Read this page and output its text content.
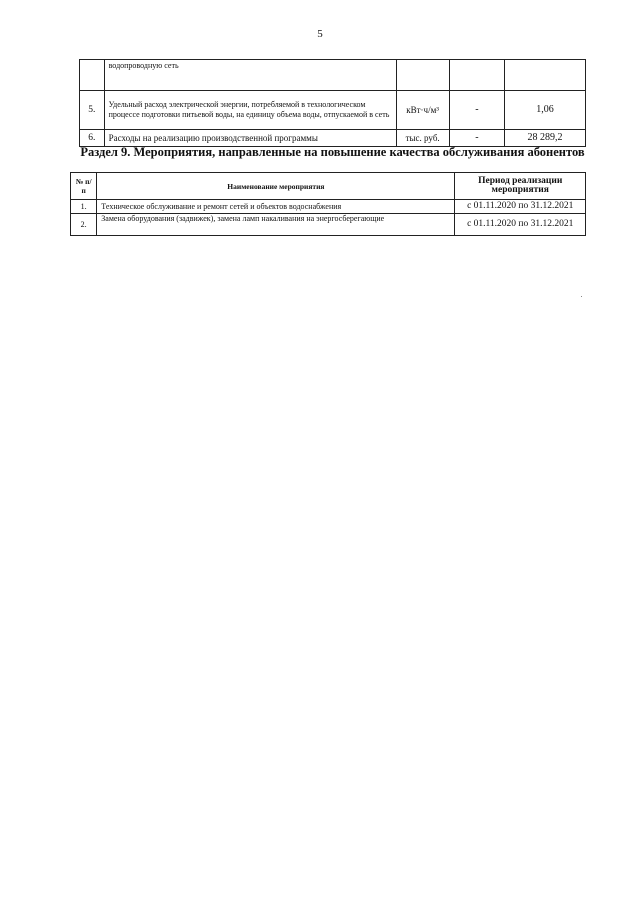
5
	водопроводную сеть			
5.	Удельный расход электрической энергии, потребляемой в технологическом процессе подготовки питьевой воды, на единицу объема воды, отпускаемой в сеть	кВт·ч/м³	-	1,06
6.	Расходы на реализацию производственной программы	тыс. руб.	-	28 289,2
Раздел 9. Мероприятия, направленные на повышение качества обслуживания абонентов
№ п/п	Наименование мероприятия	Период реализации мероприятия
1.	Техническое обслуживание и ремонт сетей и объектов водоснабжения	с 01.11.2020 по 31.12.2021
2.	Замена оборудования (задвижек), замена ламп накаливания на энергосберегающие	с 01.11.2020 по 31.12.2021
